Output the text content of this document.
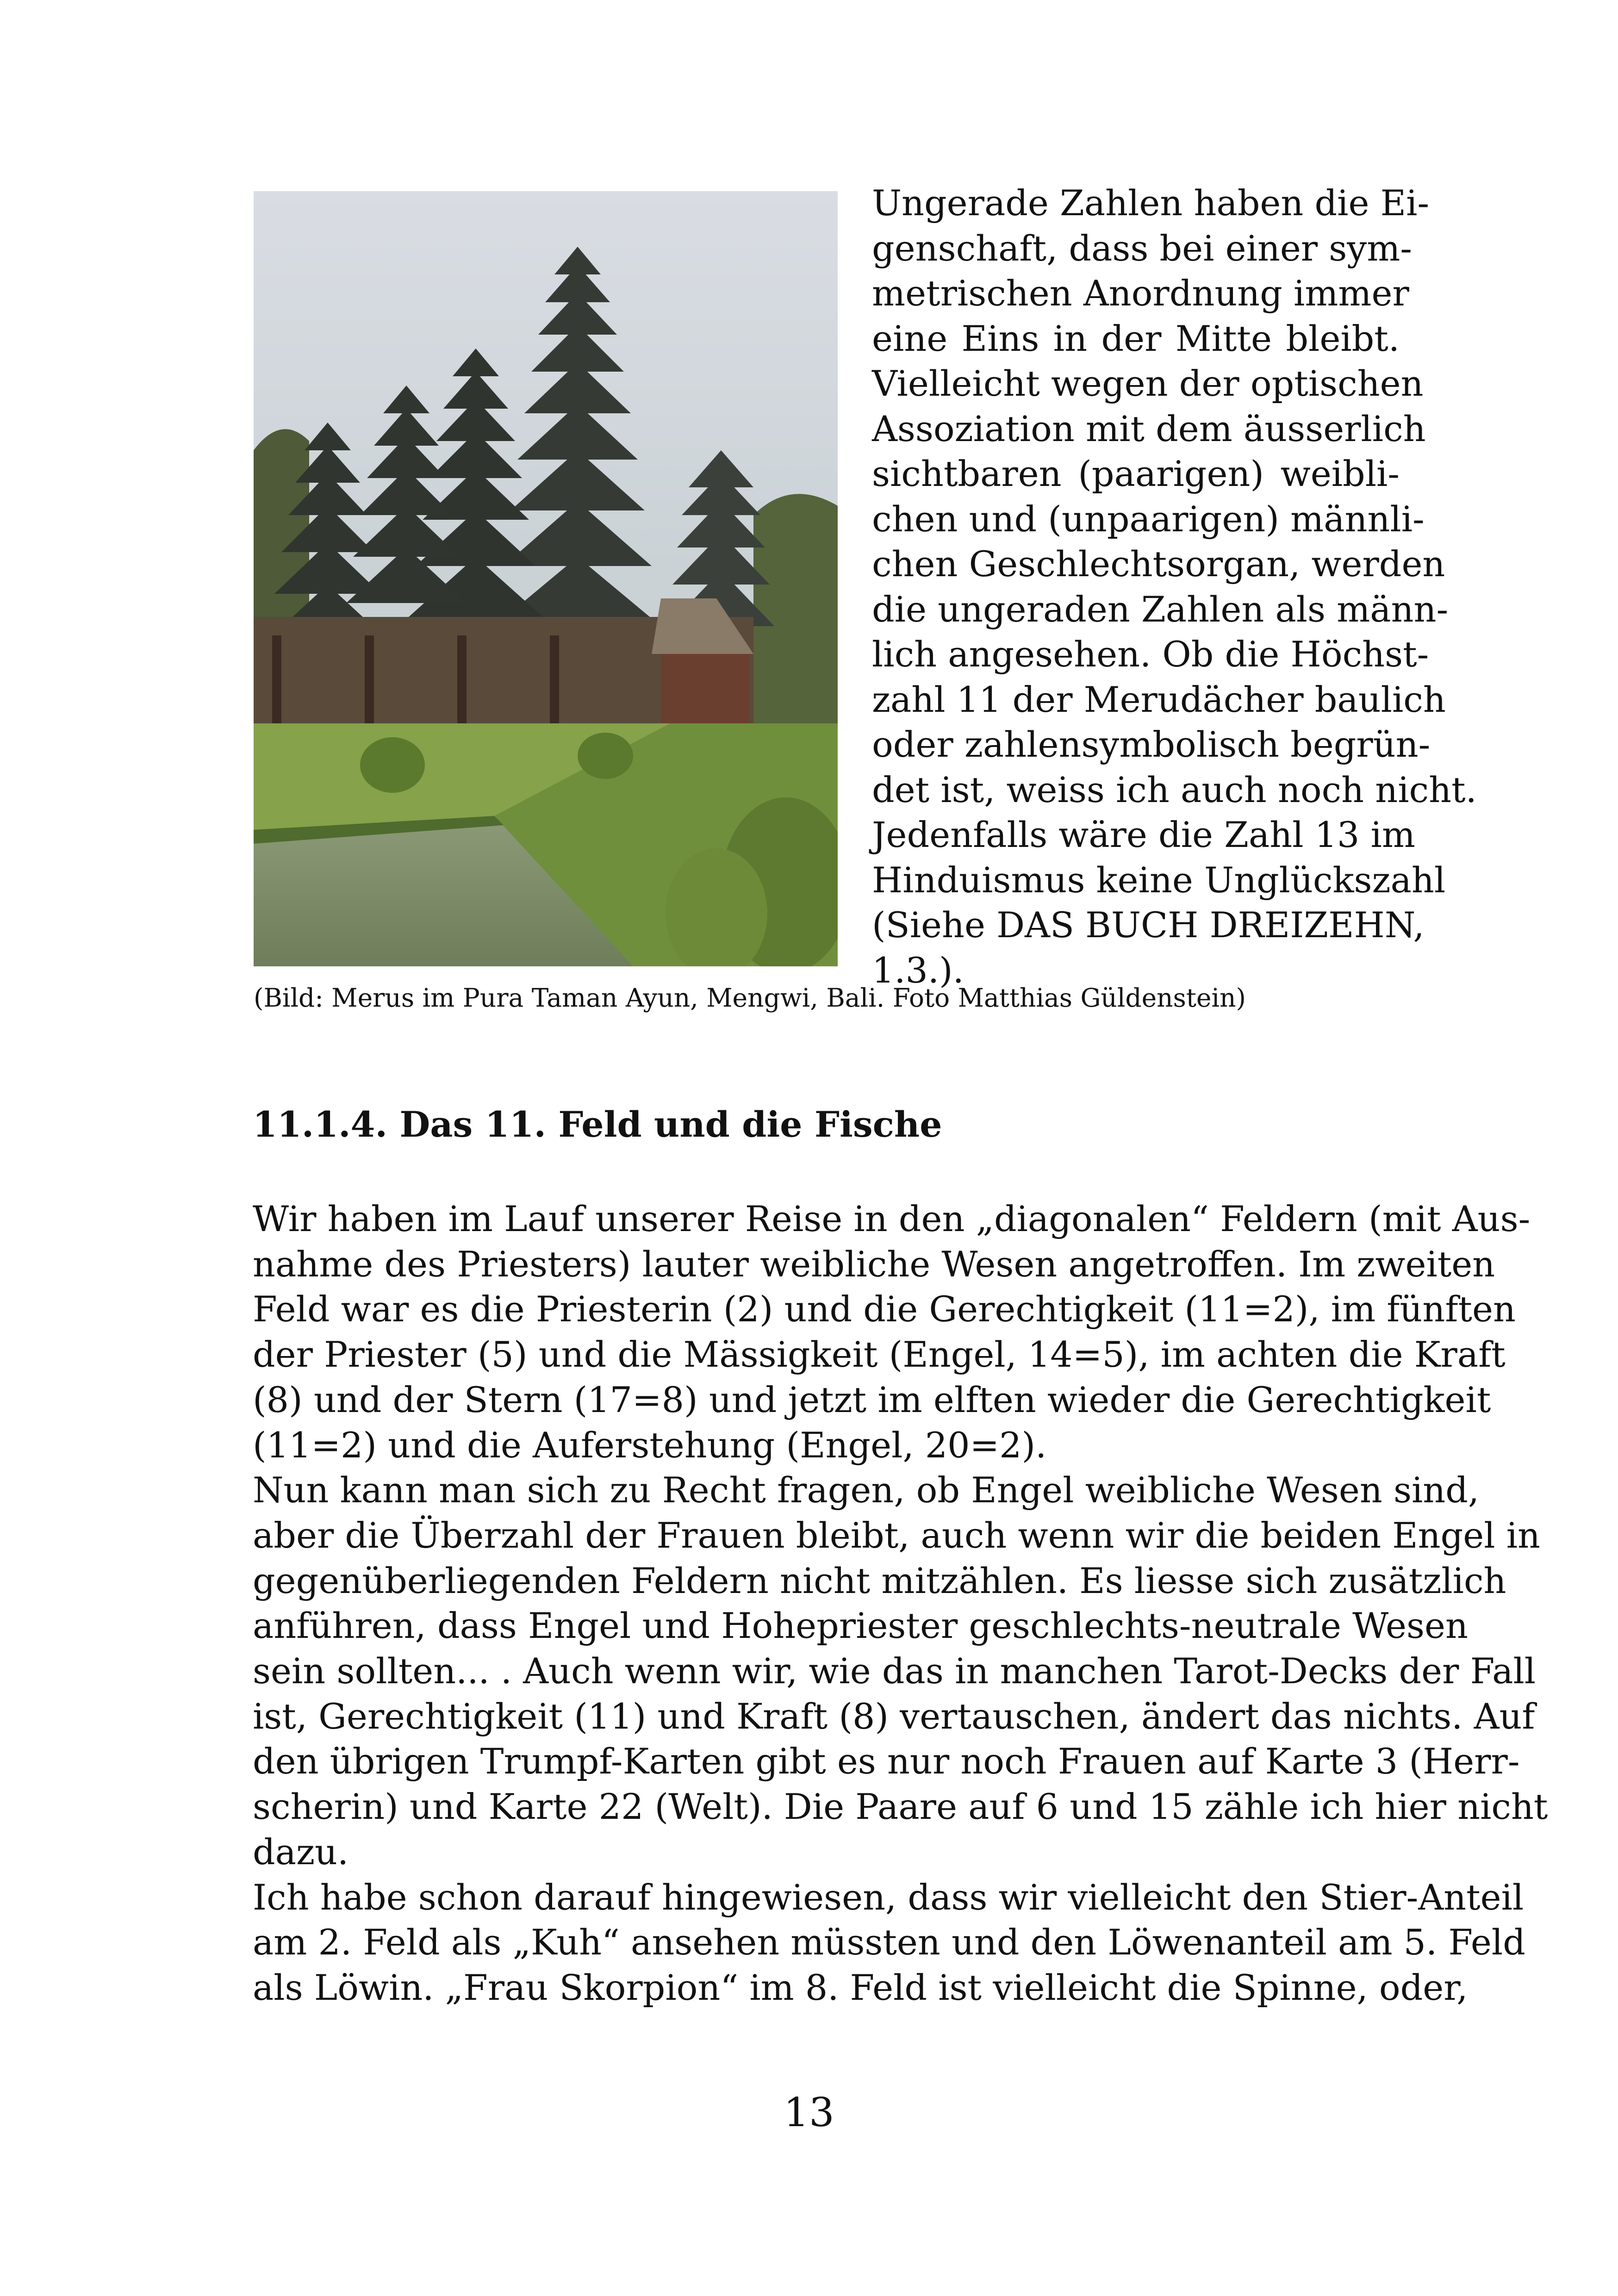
Ungerade Zahlen haben die Ei-
genschaft, dass bei einer sym-
metrischen Anordnung immer
eine Eins in der Mitte bleibt.
Vielleicht wegen der optischen
Assoziation mit dem äusserlich
sichtbaren (paarigen) weibli-
chen und (unpaarigen) männli-
chen Geschlechtsorgan, werden
die ungeraden Zahlen als männ-
lich angesehen. Ob die Höchst-
zahl 11 der Merudächer baulich
oder zahlensymbolisch begrün-
det ist, weiss ich auch noch nicht.
Jedenfalls wäre die Zahl 13 im
Hinduismus keine Unglückszahl
(Siehe DAS BUCH DREIZEHN,
1.3.).
(Bild: Merus im Pura Taman Ayun, Mengwi, Bali. Foto Matthias Güldenstein)
11.1.4. Das 11. Feld und die Fische
Wir haben im Lauf unserer Reise in den „diagonalen“ Feldern (mit Aus-
nahme des Priesters) lauter weibliche Wesen angetroffen. Im zweiten
Feld war es die Priesterin (2) und die Gerechtigkeit (11=2), im fünften
der Priester (5) und die Mässigkeit (Engel, 14=5), im achten die Kraft
(8) und der Stern (17=8) und jetzt im elften wieder die Gerechtigkeit
(11=2) und die Auferstehung (Engel, 20=2).
Nun kann man sich zu Recht fragen, ob Engel weibliche Wesen sind,
aber die Überzahl der Frauen bleibt, auch wenn wir die beiden Engel in
gegenüberliegenden Feldern nicht mitzählen. Es liesse sich zusätzlich
anführen, dass Engel und Hohepriester geschlechts-neutrale Wesen
sein sollten... . Auch wenn wir, wie das in manchen Tarot-Decks der Fall
ist, Gerechtigkeit (11) und Kraft (8) vertauschen, ändert das nichts. Auf
den übrigen Trumpf-Karten gibt es nur noch Frauen auf Karte 3 (Herr-
scherin) und Karte 22 (Welt). Die Paare auf 6 und 15 zähle ich hier nicht
dazu.
Ich habe schon darauf hingewiesen, dass wir vielleicht den Stier-Anteil
am 2. Feld als „Kuh“ ansehen müssten und den Löwenanteil am 5. Feld
als Löwin. „Frau Skorpion“ im 8. Feld ist vielleicht die Spinne, oder,
13
